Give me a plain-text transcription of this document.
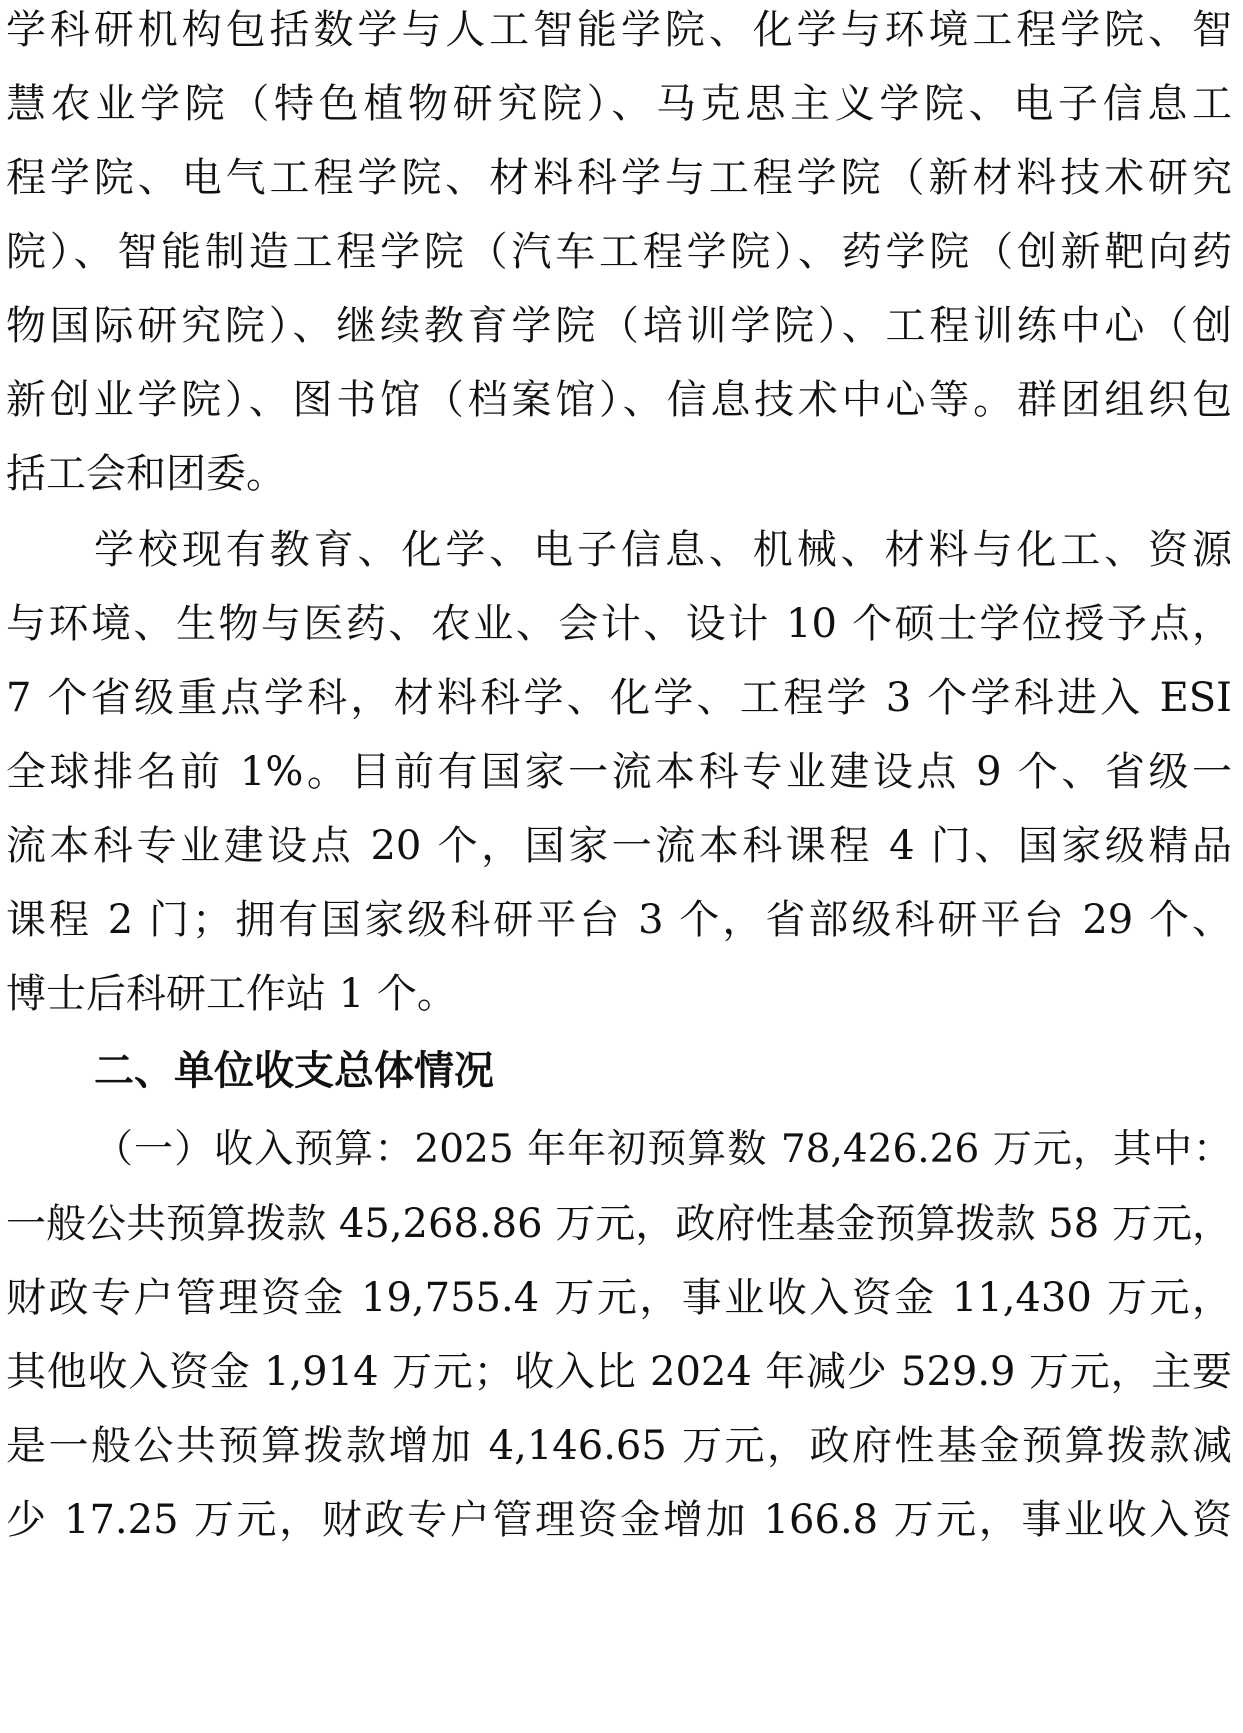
学科研机构包括数学与人工智能学院、化学与环境工程学院、智
慧农业学院（特色植物研究院）、马克思主义学院、电子信息工
程学院、电气工程学院、材料科学与工程学院（新材料技术研究
院）、智能制造工程学院（汽车工程学院）、药学院（创新靶向药
物国际研究院）、继续教育学院（培训学院）、工程训练中心（创
新创业学院）、图书馆（档案馆）、信息技术中心等。群团组织包
括工会和团委。
学校现有教育、化学、电子信息、机械、材料与化工、资源
与环境、生物与医药、农业、会计、设计 10 个硕士学位授予点，
7 个省级重点学科，材料科学、化学、工程学 3 个学科进入 ESI
全球排名前 1%。目前有国家一流本科专业建设点 9 个、省级一
流本科专业建设点 20 个，国家一流本科课程 4 门、国家级精品
课程 2 门；拥有国家级科研平台 3 个，省部级科研平台 29 个、
博士后科研工作站 1 个。
二、单位收支总体情况
（一）收入预算：2025 年年初预算数 78,426.26 万元，其中：
一般公共预算拨款 45,268.86 万元，政府性基金预算拨款 58 万元，
财政专户管理资金 19,755.4 万元，事业收入资金 11,430 万元，
其他收入资金 1,914 万元；收入比 2024 年减少 529.9 万元，主要
是一般公共预算拨款增加 4,146.65 万元，政府性基金预算拨款减
少 17.25 万元，财政专户管理资金增加 166.8 万元，事业收入资
